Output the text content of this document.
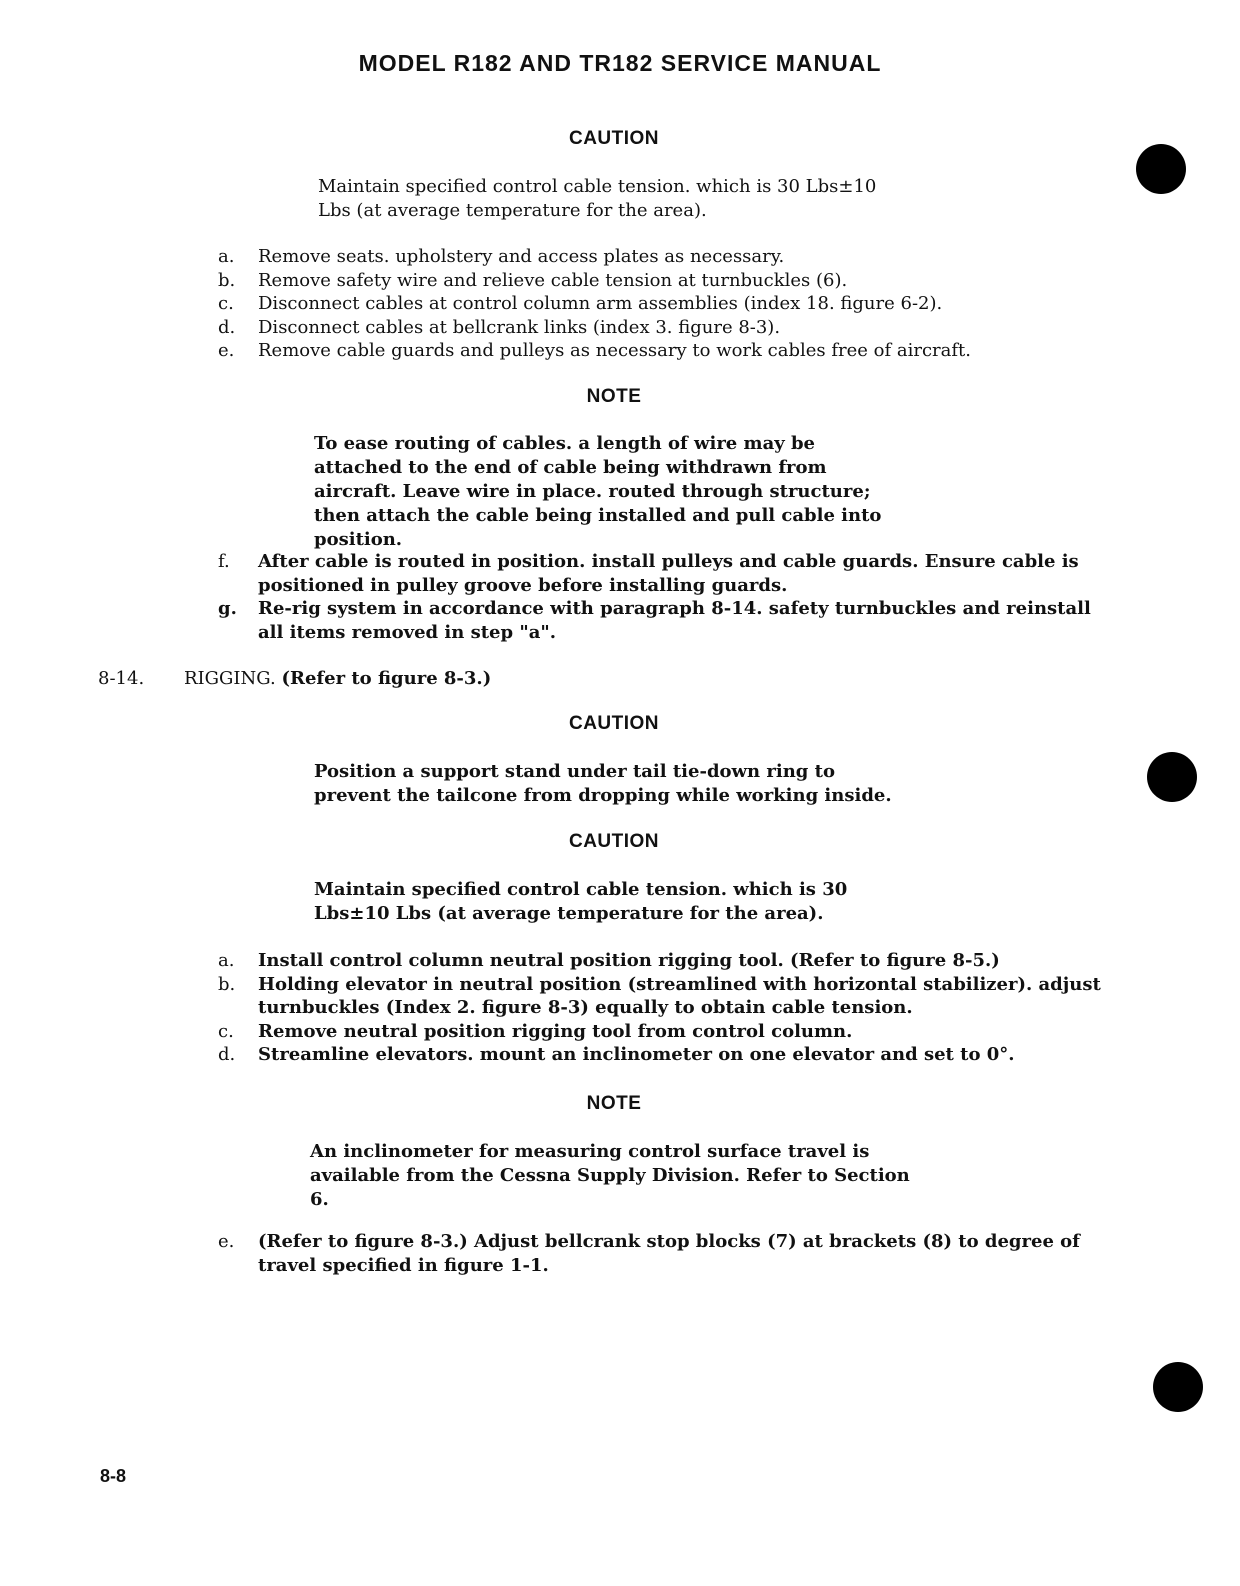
MODEL R182 AND TR182 SERVICE MANUAL
CAUTION
Maintain specified control cable tension. which is 30 Lbs±10 Lbs (at average temperature for the area).
a.	Remove seats. upholstery and access plates as necessary.
b.	Remove safety wire and relieve cable tension at turnbuckles (6).
c.	Disconnect cables at control column arm assemblies (index 18. figure 6-2).
d.	Disconnect cables at bellcrank links (index 3. figure 8-3).
e.	Remove cable guards and pulleys as necessary to work cables free of aircraft.
NOTE
To ease routing of cables. a length of wire may be attached to the end of cable being withdrawn from aircraft. Leave wire in place. routed through structure; then attach the cable being installed and pull cable into position.
f.	After cable is routed in position. install pulleys and cable guards. Ensure cable is positioned in pulley groove before installing guards.
g.	Re-rig system in accordance with paragraph 8-14. safety turnbuckles and reinstall all items removed in step "a".
8-14. RIGGING. (Refer to figure 8-3.)
CAUTION
Position a support stand under tail tie-down ring to prevent the tailcone from dropping while working inside.
CAUTION
Maintain specified control cable tension. which is 30 Lbs±10 Lbs (at average temperature for the area).
a.	Install control column neutral position rigging tool. (Refer to figure 8-5.)
b.	Holding elevator in neutral position (streamlined with horizontal stabilizer). adjust turnbuckles (Index 2. figure 8-3) equally to obtain cable tension.
c.	Remove neutral position rigging tool from control column.
d.	Streamline elevators. mount an inclinometer on one elevator and set to 0°.
NOTE
An inclinometer for measuring control surface travel is available from the Cessna Supply Division. Refer to Section 6.
e.	(Refer to figure 8-3.) Adjust bellcrank stop blocks (7) at brackets (8) to degree of travel specified in figure 1-1.
8-8
